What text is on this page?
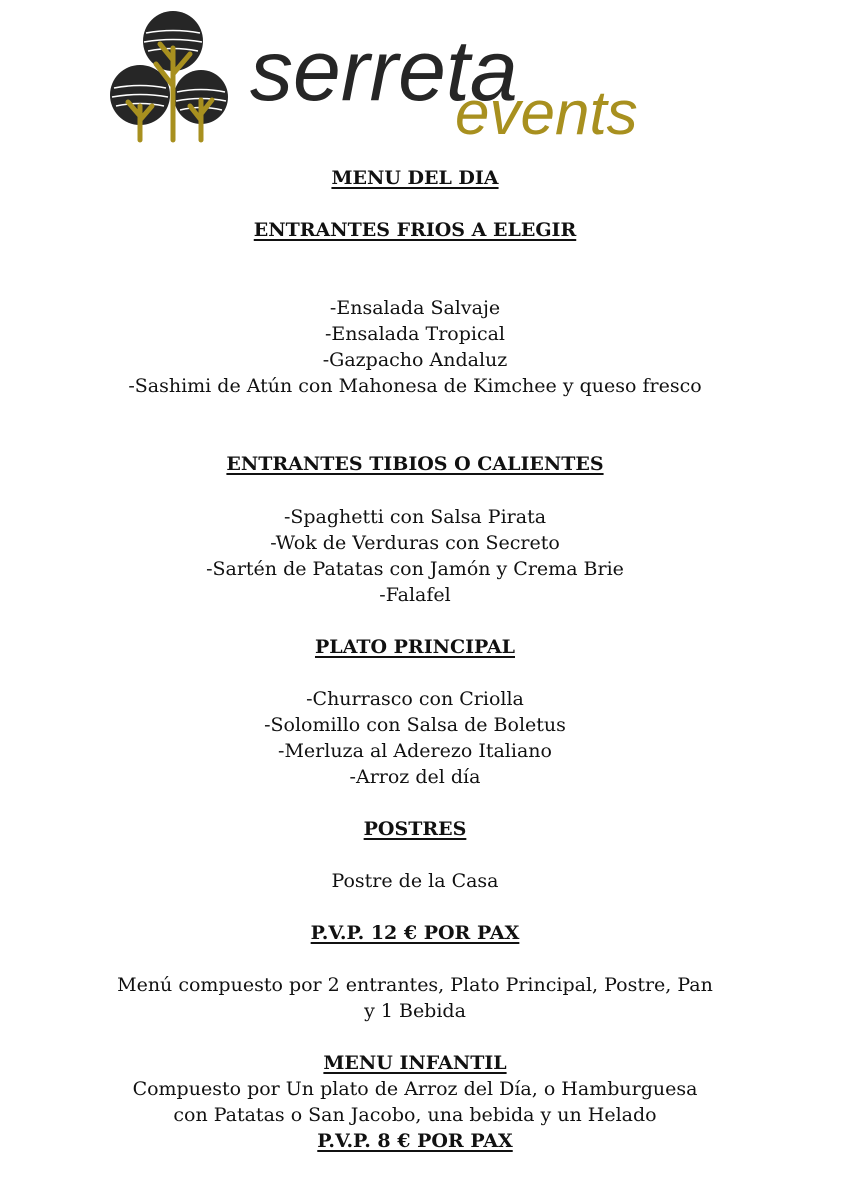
serreta
events
MENU DEL DIA
ENTRANTES FRIOS A ELEGIR
-Ensalada Salvaje
-Ensalada Tropical
-Gazpacho Andaluz
-Sashimi de Atún con Mahonesa de Kimchee y queso fresco
ENTRANTES TIBIOS O CALIENTES
-Spaghetti con Salsa Pirata
-Wok de Verduras con Secreto
-Sartén de Patatas con Jamón y Crema Brie
-Falafel
PLATO PRINCIPAL
-Churrasco con Criolla
-Solomillo con Salsa de Boletus
-Merluza al Aderezo Italiano
-Arroz del día
POSTRES
Postre de la Casa
P.V.P. 12 € POR PAX
Menú compuesto por 2 entrantes, Plato Principal, Postre, Pan
y 1 Bebida
MENU INFANTIL
Compuesto por Un plato de Arroz del Día, o Hamburguesa
con Patatas o San Jacobo, una bebida y un Helado
P.V.P. 8 € POR PAX
